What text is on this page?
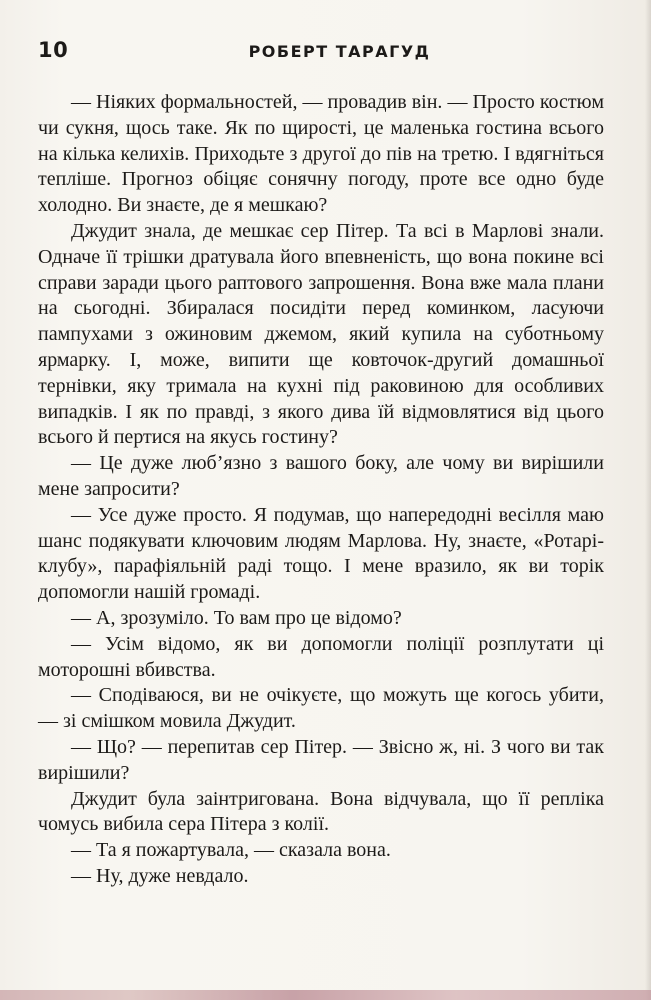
10	РОБЕРТ ТАРАГУД

— Ніяких формальностей, — провадив він. — Просто костюм чи сукня, щось таке. Як по щирості, це маленька гостина всього на кілька келихів. Приходьте з другої до пів на третю. І вдягніться тепліше. Прогноз обіцяє сонячну погоду, проте все одно буде холодно. Ви знаєте, де я мешкаю?

Джудит знала, де мешкає сер Пітер. Та всі в Марлові знали. Одначе її трішки дратувала його впевненість, що вона покине всі справи заради цього раптового запрошення. Вона вже мала плани на сьогодні. Збиралася посидіти перед коминком, ласуючи пампухами з ожиновим джемом, який купила на суботньому ярмарку. І, може, випити ще ковточок-другий домашньої тернівки, яку тримала на кухні під раковиною для особливих випадків. І як по правді, з якого дива їй відмовлятися від цього всього й пертися на якусь гостину?

— Це дуже люб’язно з вашого боку, але чому ви вирішили мене запросити?

— Усе дуже просто. Я подумав, що напередодні весілля маю шанс подякувати ключовим людям Марлова. Ну, знаєте, «Ротарі-клубу», парафіяльній раді тощо. І мене вразило, як ви торік допомогли нашій громаді.

— А, зрозуміло. То вам про це відомо?

— Усім відомо, як ви допомогли поліції розплутати ці моторошні вбивства.

— Сподіваюся, ви не очікуєте, що можуть ще когось убити, — зі смішком мовила Джудит.

— Що? — перепитав сер Пітер. — Звісно ж, ні. З чого ви так вирішили?

Джудит була заінтригована. Вона відчувала, що її репліка чомусь вибила сера Пітера з колії.

— Та я пожартувала, — сказала вона.

— Ну, дуже невдало.
